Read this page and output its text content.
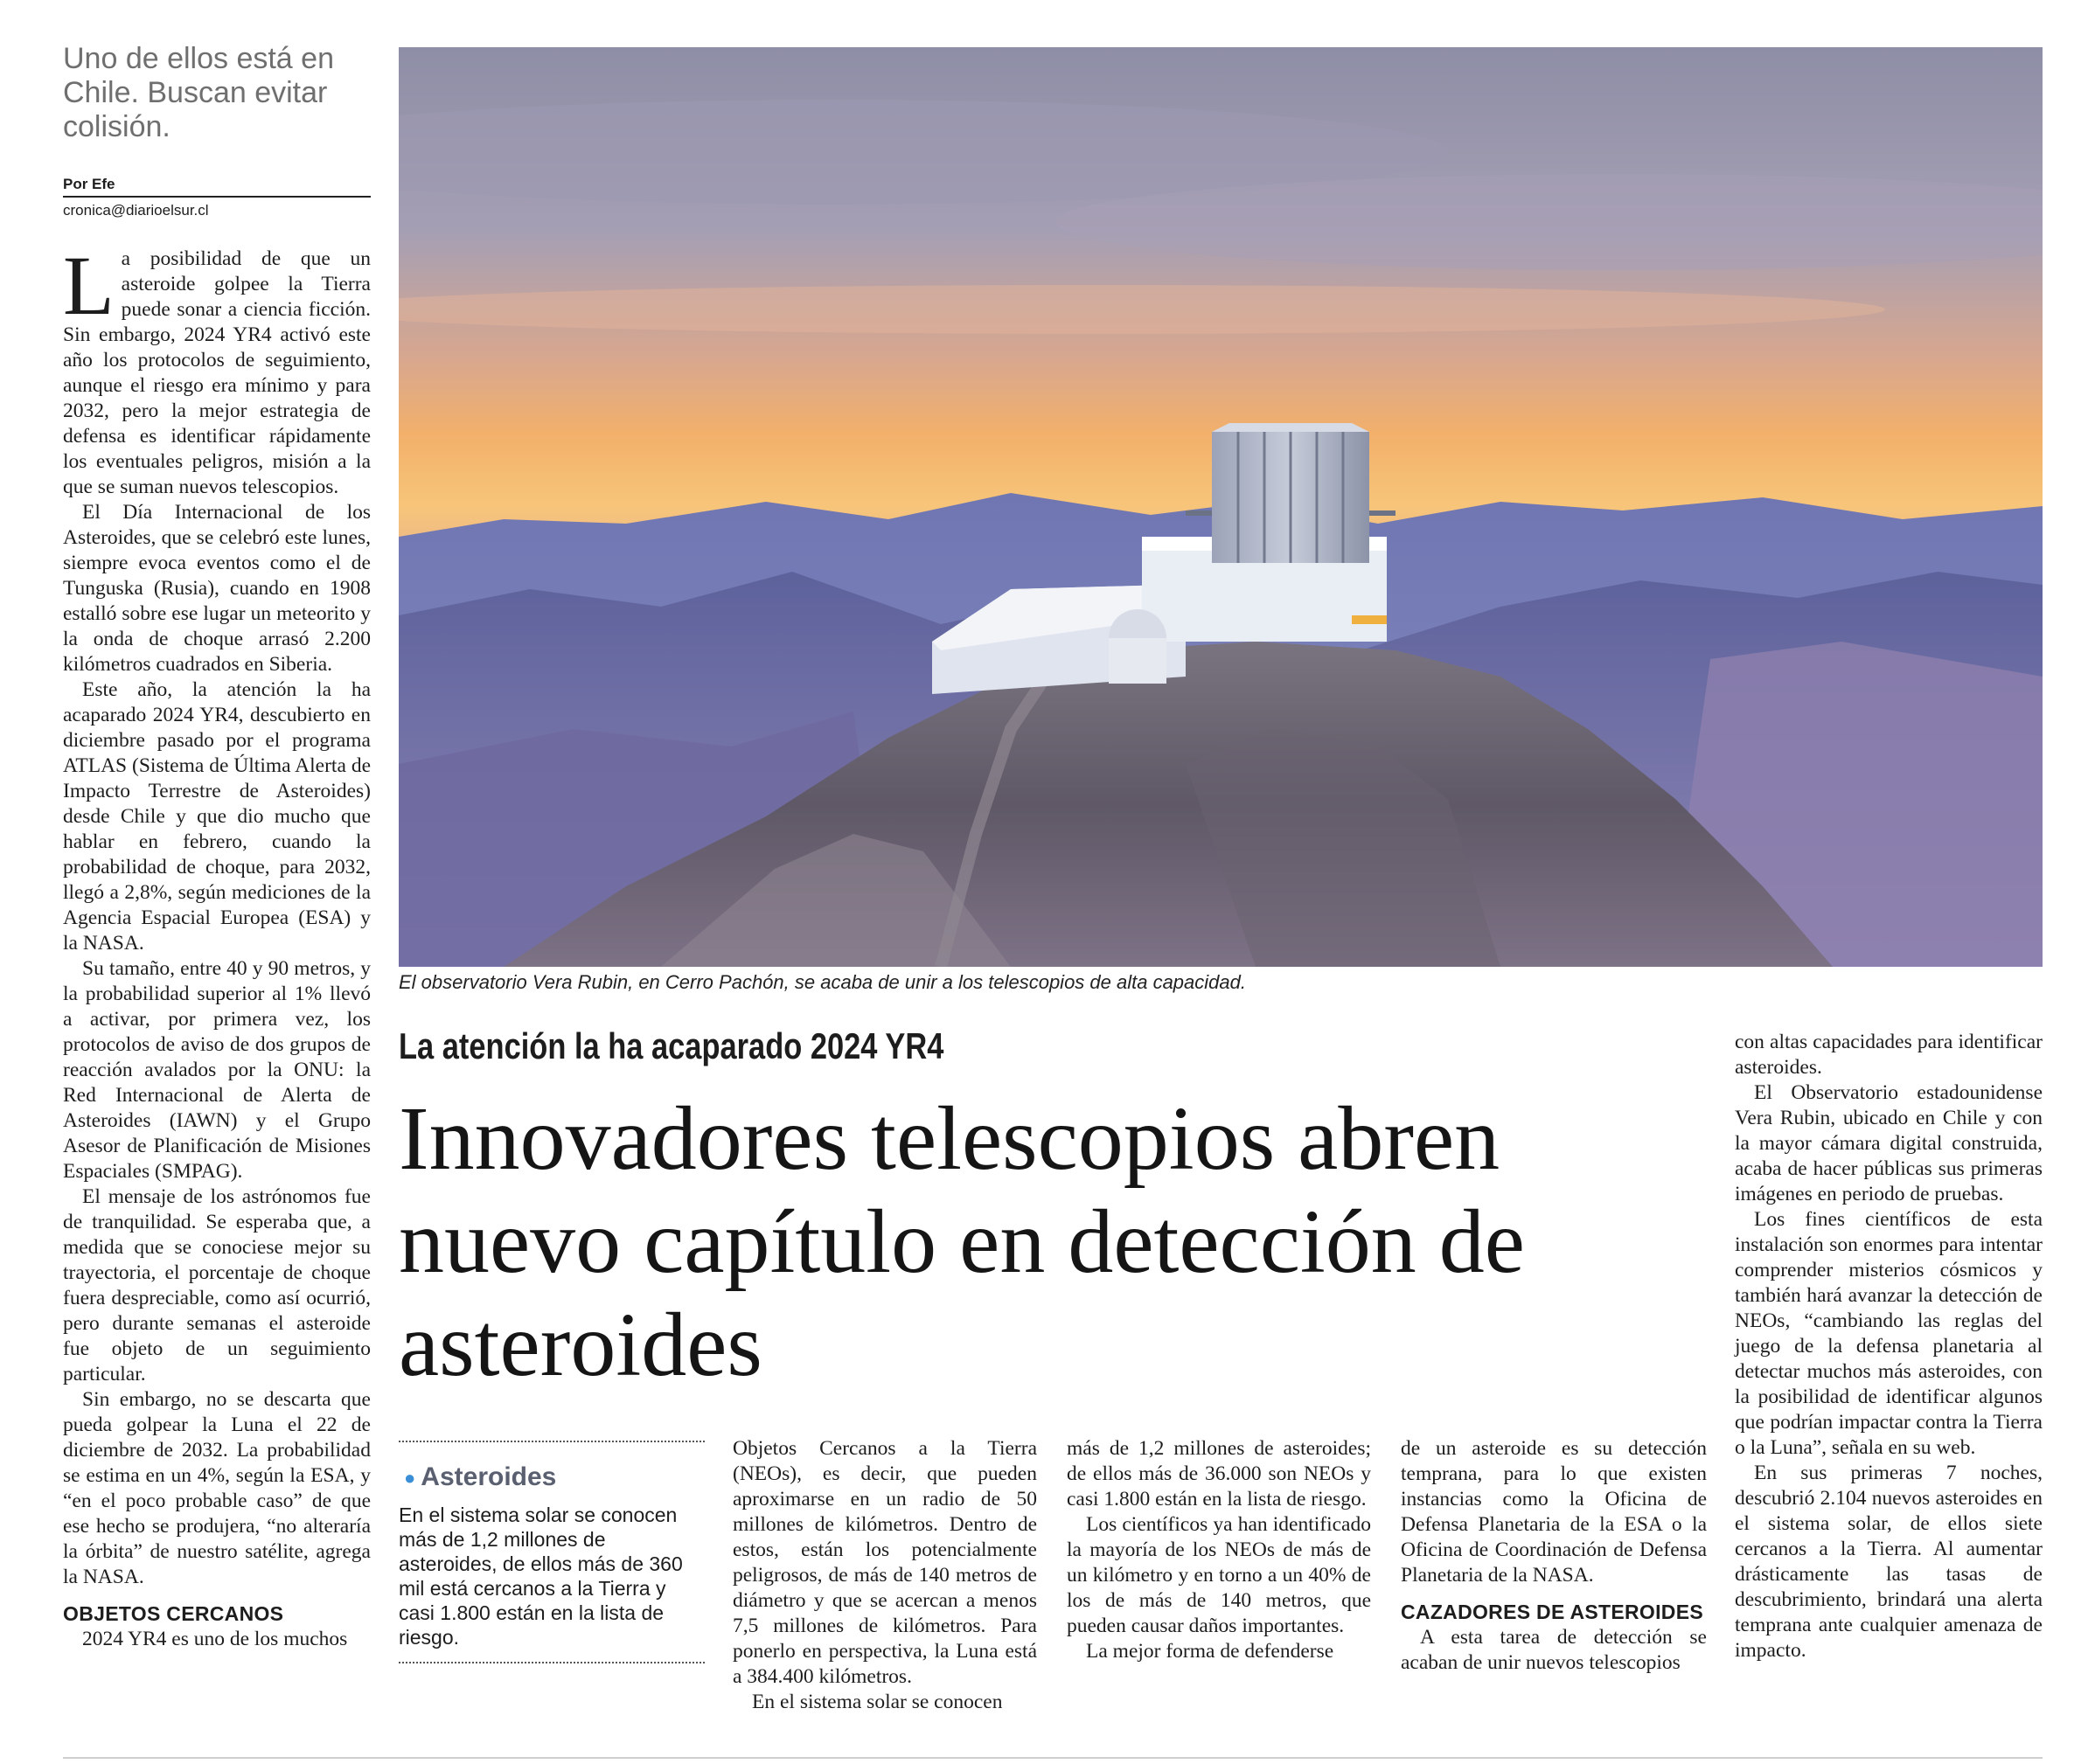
Uno de ellos está en Chile. Buscan evitar colisión.

Por Efe
cronica@diarioelsur.cl

La posibilidad de que un asteroide golpee la Tierra puede sonar a ciencia ficción. Sin embargo, 2024 YR4 activó este año los protocolos de seguimiento, aunque el riesgo era mínimo y para 2032, pero la mejor estrategia de defensa es identificar rápidamente los eventuales peligros, misión a la que se suman nuevos telescopios.

El Día Internacional de los Asteroides, que se celebró este lunes, siempre evoca eventos como el de Tunguska (Rusia), cuando en 1908 estalló sobre ese lugar un meteorito y la onda de choque arrasó 2.200 kilómetros cuadrados en Siberia.

Este año, la atención la ha acaparado 2024 YR4, descubierto en diciembre pasado por el programa ATLAS (Sistema de Última Alerta de Impacto Terrestre de Asteroides) desde Chile y que dio mucho que hablar en febrero, cuando la probabilidad de choque, para 2032, llegó a 2,8%, según mediciones de la Agencia Espacial Europea (ESA) y la NASA.

Su tamaño, entre 40 y 90 metros, y la probabilidad superior al 1% llevó a activar, por primera vez, los protocolos de aviso de dos grupos de reacción avalados por la ONU: la Red Internacional de Alerta de Asteroides (IAWN) y el Grupo Asesor de Planificación de Misiones Espaciales (SMPAG).

El mensaje de los astrónomos fue de tranquilidad. Se esperaba que, a medida que se conociese mejor su trayectoria, el porcentaje de choque fuera despreciable, como así ocurrió, pero durante semanas el asteroide fue objeto de un seguimiento particular.

Sin embargo, no se descarta que pueda golpear la Luna el 22 de diciembre de 2032. La probabilidad se estima en un 4%, según la ESA, y “en el poco probable caso” de que ese hecho se produjera, “no alteraría la órbita” de nuestro satélite, agrega la NASA.

OBJETOS CERCANOS

2024 YR4 es uno de los muchos

El observatorio Vera Rubin, en Cerro Pachón, se acaba de unir a los telescopios de alta capacidad.
La atención la ha acaparado 2024 YR4
Innovadores telescopios abren nuevo capítulo en detección de asteroides
● Asteroides

En el sistema solar se conocen más de 1,2 millones de asteroides, de ellos más de 360 mil está cercanos a la Tierra y casi 1.800 están en la lista de riesgo.

Objetos Cercanos a la Tierra (NEOs), es decir, que pueden aproximarse en un radio de 50 millones de kilómetros. Dentro de estos, están los potencialmente peligrosos, de más de 140 metros de diámetro y que se acercan a menos 7,5 millones de kilómetros. Para ponerlo en perspectiva, la Luna está a 384.400 kilómetros.

En el sistema solar se conocen

más de 1,2 millones de asteroides; de ellos más de 36.000 son NEOs y casi 1.800 están en la lista de riesgo.

Los científicos ya han identificado la mayoría de los NEOs de más de un kilómetro y en torno a un 40% de los de más de 140 metros, que pueden causar daños importantes.

La mejor forma de defenderse

de un asteroide es su detección temprana, para lo que existen instancias como la Oficina de Defensa Planetaria de la ESA o la Oficina de Coordinación de Defensa Planetaria de la NASA.

CAZADORES DE ASTEROIDES

A esta tarea de detección se acaban de unir nuevos telescopios

con altas capacidades para identificar asteroides.

El Observatorio estadounidense Vera Rubin, ubicado en Chile y con la mayor cámara digital construida, acaba de hacer públicas sus primeras imágenes en periodo de pruebas.

Los fines científicos de esta instalación son enormes para intentar comprender misterios cósmicos y también hará avanzar la detección de NEOs, “cambiando las reglas del juego de la defensa planetaria al detectar muchos más asteroides, con la posibilidad de identificar algunos que podrían impactar contra la Tierra o la Luna”, señala en su web.

En sus primeras 7 noches, descubrió 2.104 nuevos asteroides en el sistema solar, de ellos siete cercanos a la Tierra. Al aumentar drásticamente las tasas de descubrimiento, brindará una alerta temprana ante cualquier amenaza de impacto.
